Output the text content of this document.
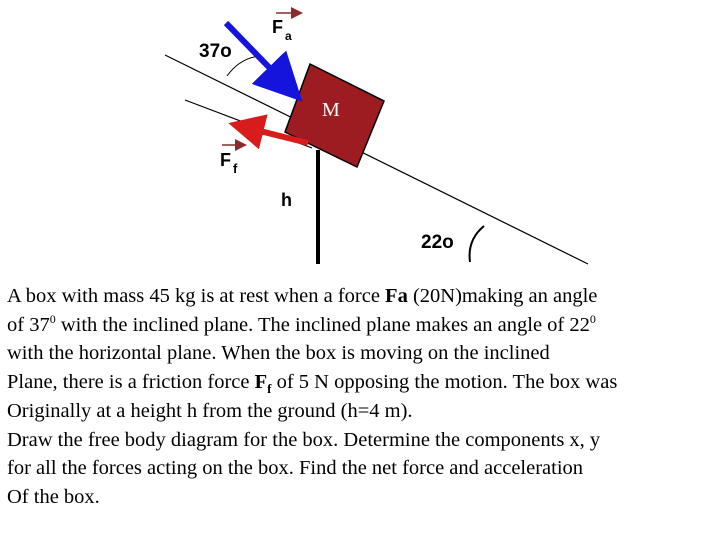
M
F $_a$
F $_f$
h
37o
22o
A box with mass 45 kg is at rest when a force Fa (20N)making an angle
of $37^0$ with the inclined plane. The inclined plane makes an angle of $22^0$
with the horizontal plane. When the box is moving on the inclined
Plane, there is a friction force $F_f$ of 5 N opposing the motion. The box was
Originally at a height h from the ground (h=4 m).
Draw the free body diagram for the box. Determine the components x, y
for all the forces acting on the box. Find the net force and acceleration
Of the box.
